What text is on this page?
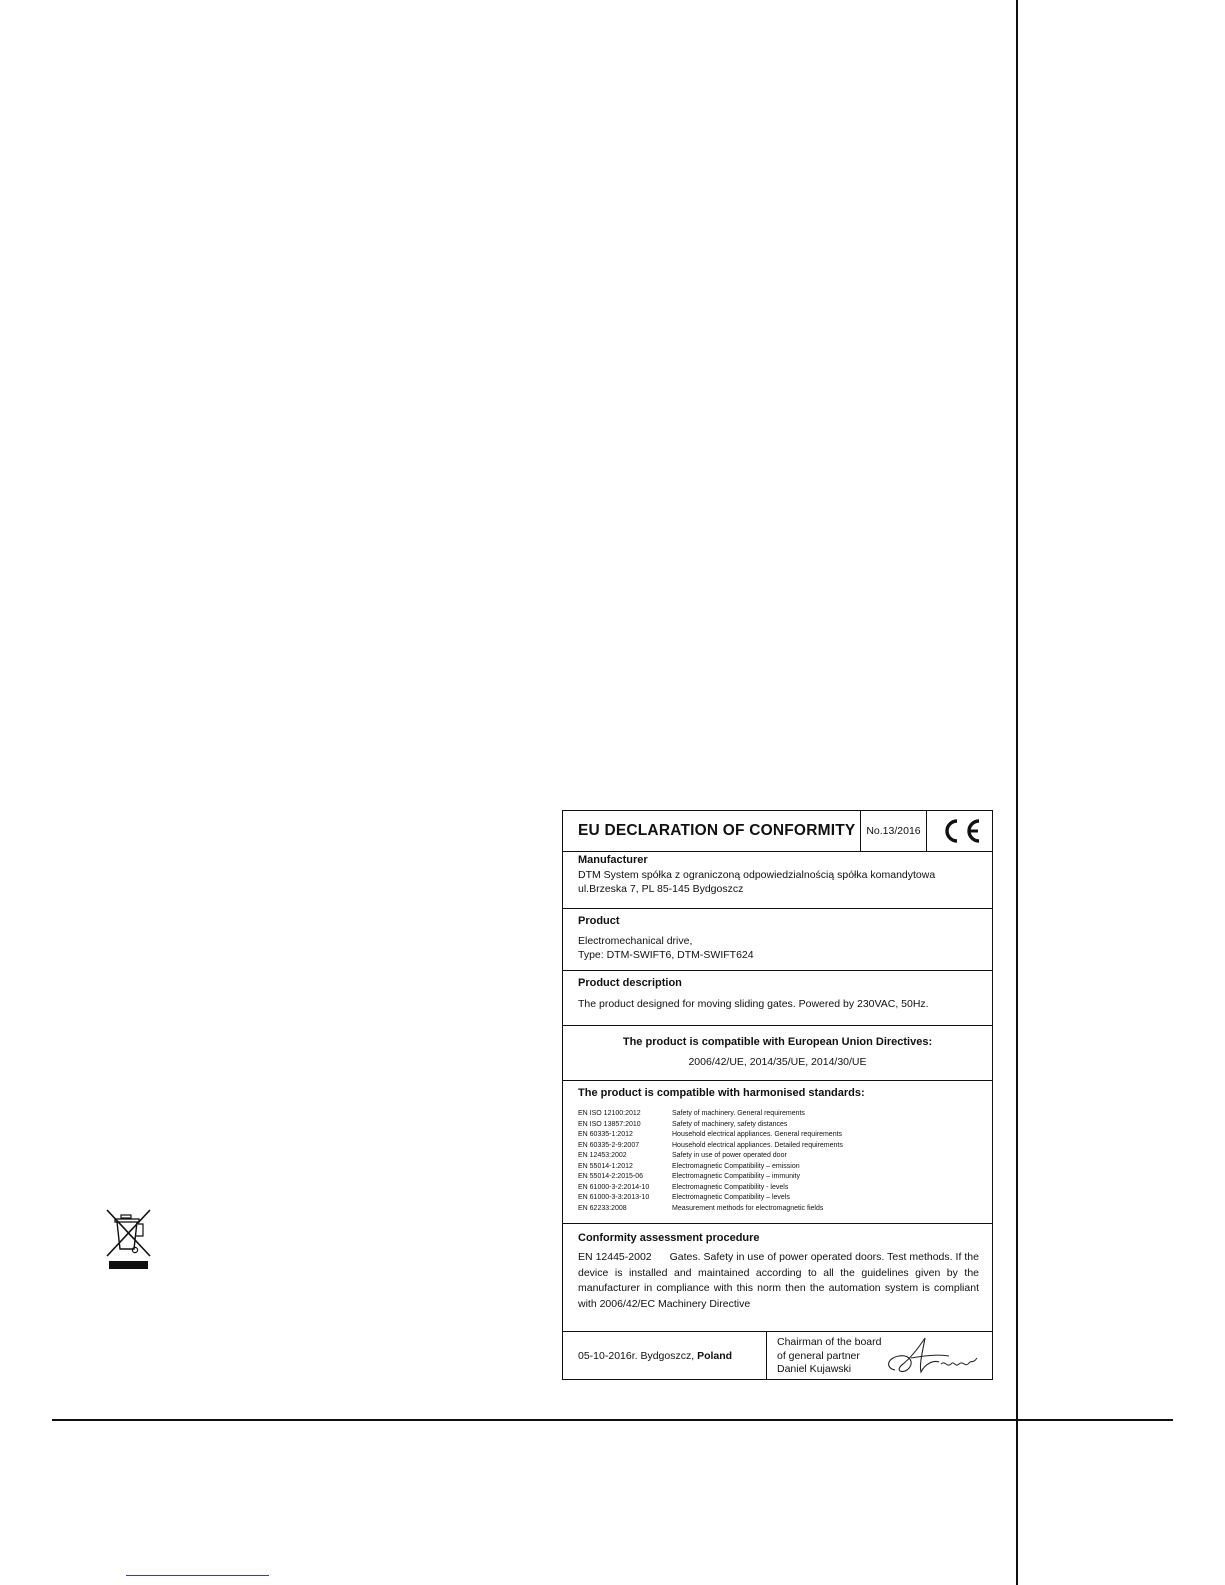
EU DECLARATION OF CONFORMITY	No.13/2016
Manufacturer
DTM System spółka z ograniczoną odpowiedzialnością spółka komandytowa
ul.Brzeska 7, PL 85-145 Bydgoszcz
Product
Electromechanical drive,
Type: DTM-SWIFT6, DTM-SWIFT624
Product description
The product designed for moving sliding gates. Powered by 230VAC, 50Hz.
The product is compatible with European Union Directives:
2006/42/UE, 2014/35/UE, 2014/30/UE
The product is compatible with harmonised standards:
EN ISO 12100:2012	Safety of machinery. General requirements
EN ISO 13857:2010	Safety of machinery, safety distances
EN 60335-1:2012	Household electrical appliances. General requirements
EN 60335-2-9:2007	Household electrical appliances. Detailed requirements
EN 12453:2002	Safety in use of power operated door
EN 55014-1:2012	Electromagnetic Compatibility – emission
EN 55014-2:2015-06	Electromagnetic Compatibility – immunity
EN 61000-3-2:2014-10	Electromagnetic Compatibility - levels
EN 61000-3-3:2013-10	Electromagnetic Compatibility – levels
EN 62233:2008	Measurement methods for electromagnetic fields
Conformity assessment procedure
EN 12445-2002      Gates. Safety in use of power operated doors. Test methods. If the device is installed and maintained according to all the guidelines given by the manufacturer in compliance with this norm then the automation system is compliant with 2006/42/EC Machinery Directive
05-10-2016r. Bydgoszcz, Poland
Chairman of the board
of general partner
Daniel Kujawski
